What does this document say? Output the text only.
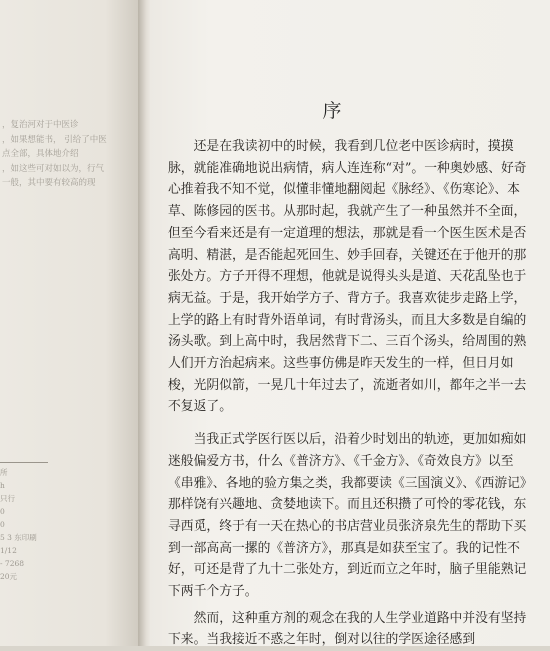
，复治河对于中医诊
，如果想能书， 引给了中医
点全部，具体地介绍
，如这些可对如以为，行气
一般，其中要有较高的现
所
h
只行
0
0
5 3 东印刷
1/12
- 7268
20元
序

还是在我读初中的时候，我看到几位老中医诊病时，摸摸脉，就能准确地说出病情，病人连连称“对”。一种奥妙感、好奇心推着我不知不觉，似懂非懂地翻阅起《脉经》、《伤寒论》、本草、陈修园的医书。从那时起，我就产生了一种虽然并不全面，但至今看来还是有一定道理的想法，那就是看一个医生医术是否高明、精湛，是否能起死回生、妙手回春，关键还在于他开的那张处方。方子开得不理想，他就是说得头头是道、天花乱坠也于病无益。于是，我开始学方子、背方子。我喜欢徒步走路上学，上学的路上有时背外语单词，有时背汤头，而且大多数是自编的汤头歌。到上高中时，我居然背下二、三百个汤头，给周围的熟人们开方治起病来。这些事仿佛是昨天发生的一样，但日月如梭，光阴似箭，一晃几十年过去了，流逝者如川，都年之半一去不复返了。

当我正式学医行医以后，沿着少时划出的轨迹，更加如痴如迷般偏爱方书，什么《普济方》、《千金方》、《奇效良方》以至《串雅》、各地的验方集之类，我都要读《三国演义》、《西游记》那样饶有兴趣地、贪婪地读下。而且还积攒了可怜的零花钱，东寻西觅，终于有一天在热心的书店营业员张济泉先生的帮助下买到一部高高一摞的《普济方》，那真是如获至宝了。我的记性不好，可还是背了九十二张处方，到近而立之年时，脑子里能熟记下两千个方子。

然而，这种重方剂的观念在我的人生学业道路中并没有坚持下来。当我接近不惑之年时，倒对以往的学医途径感到
